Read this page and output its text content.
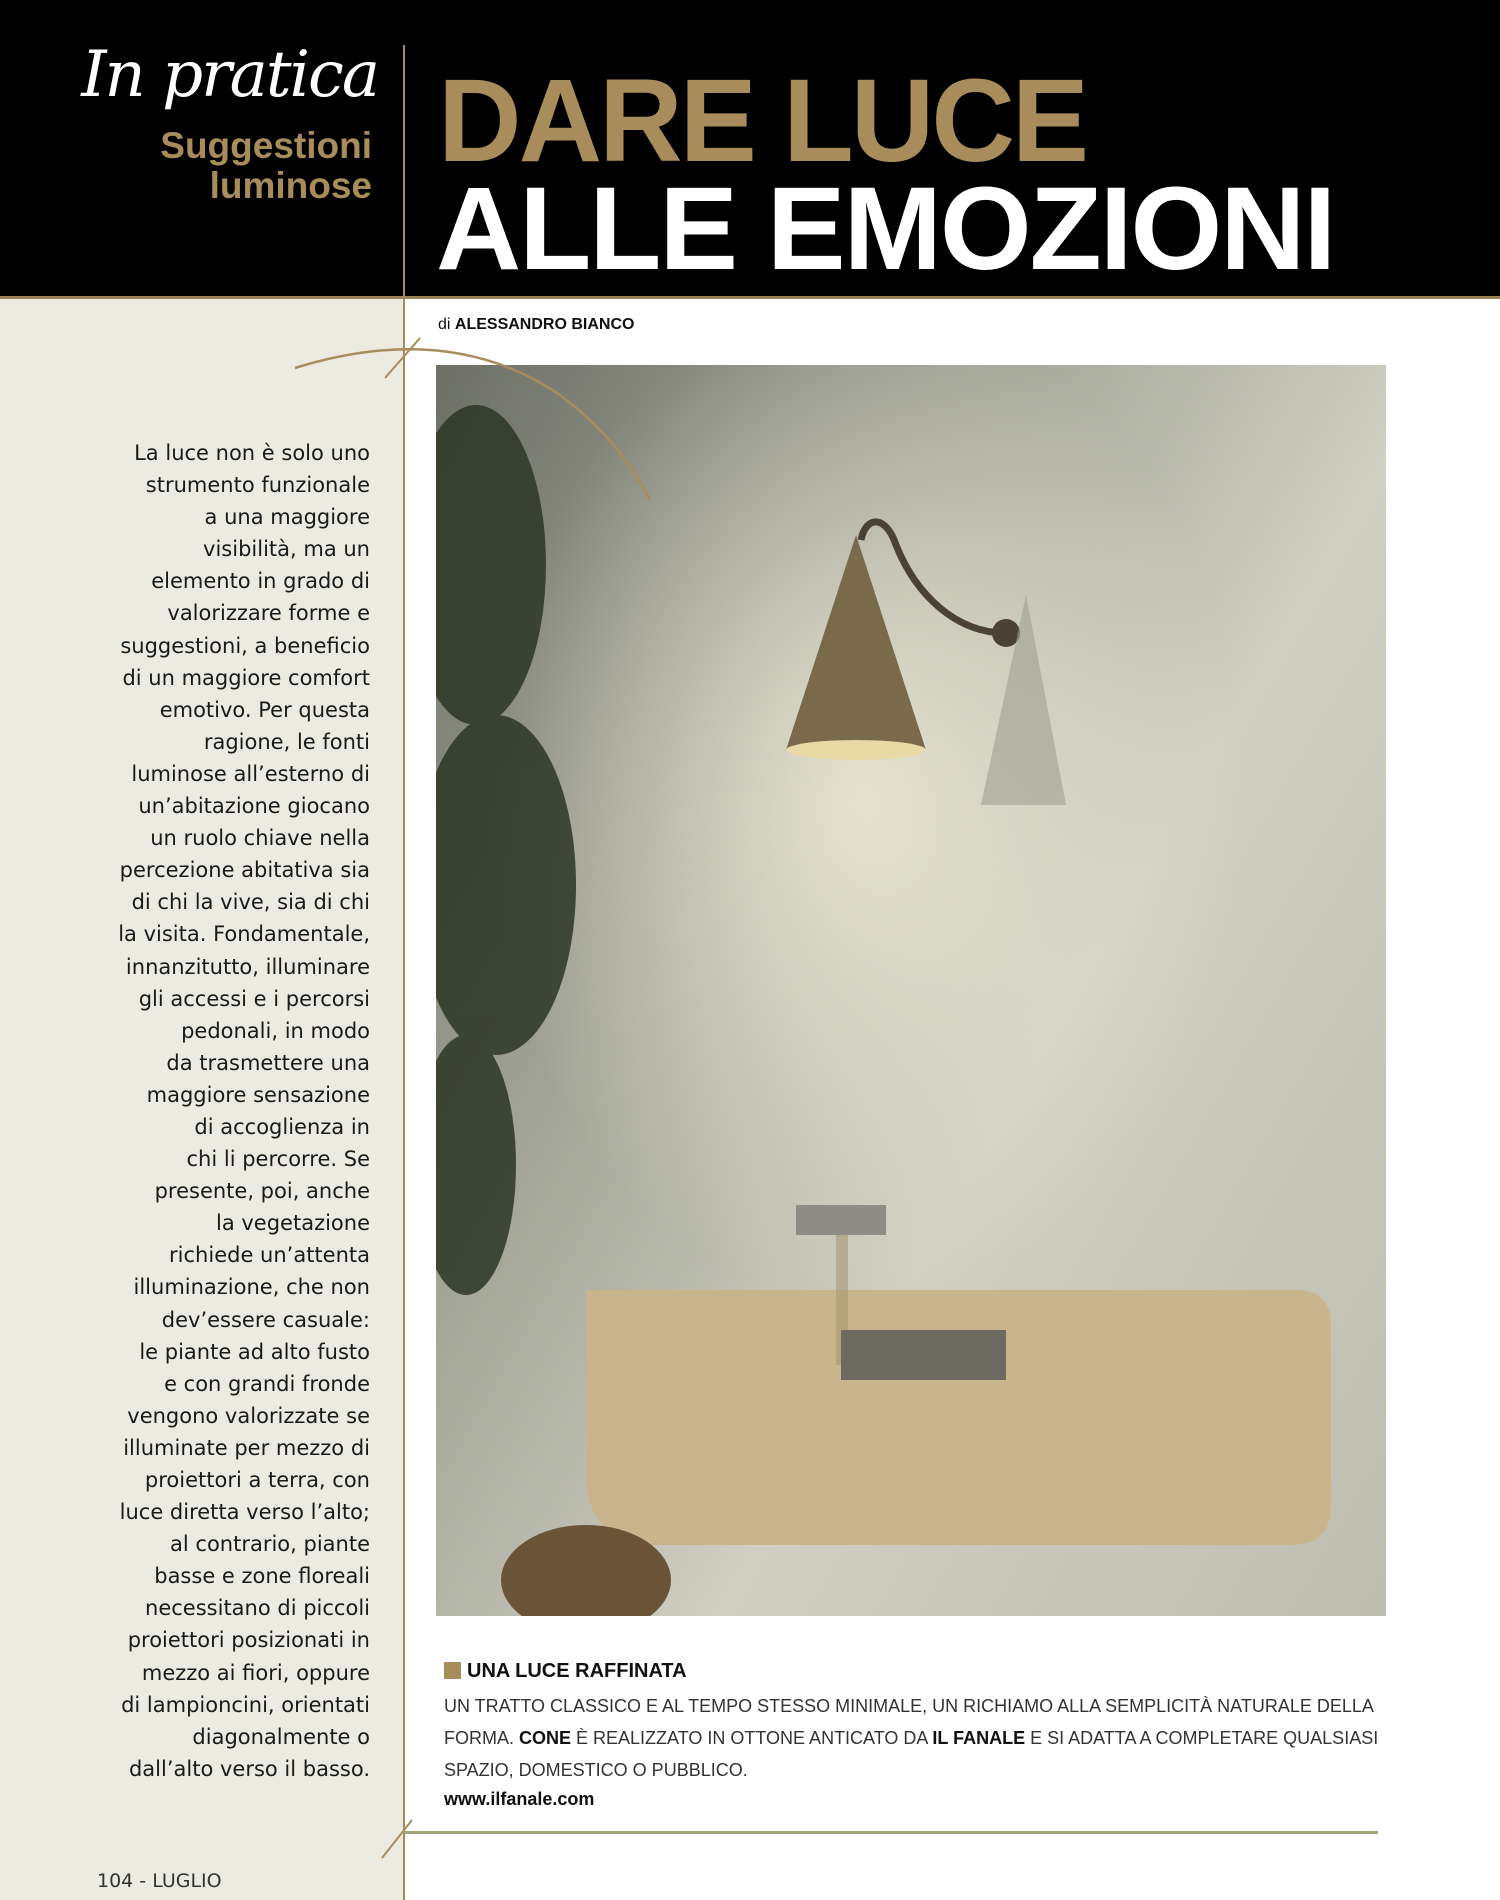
In pratica
Suggestioni
luminose DARE LUCE
ALLE EMOZIONI
di ALESSANDRO BIANCO
La luce non è solo uno
strumento funzionale
a una maggiore
visibilità, ma un
elemento in grado di
valorizzare forme e
suggestioni, a beneficio
di un maggiore comfort
emotivo. Per questa
ragione, le fonti
luminose all’esterno di
un’abitazione giocano
un ruolo chiave nella
percezione abitativa sia
di chi la vive, sia di chi
la visita. Fondamentale,
innanzitutto, illuminare
gli accessi e i percorsi
pedonali, in modo
da trasmettere una
maggiore sensazione
di accoglienza in
chi li percorre. Se
presente, poi, anche
la vegetazione
richiede un’attenta
illuminazione, che non
dev’essere casuale:
le piante ad alto fusto
e con grandi fronde
vengono valorizzate se
illuminate per mezzo di
proiettori a terra, con
luce diretta verso l’alto;
al contrario, piante
basse e zone floreali
necessitano di piccoli
proiettori posizionati in
mezzo ai fiori, oppure
di lampioncini, orientati
diagonalmente o
dall’alto verso il basso.
UNA LUCE RAFFINATA
UN TRATTO CLASSICO E AL TEMPO STESSO MINIMALE, UN RICHIAMO ALLA SEMPLICITÀ NATURALE DELLA FORMA. CONE È REALIZZATO IN OTTONE ANTICATO DA IL FANALE E SI ADATTA A COMPLETARE QUALSIASI SPAZIO, DOMESTICO O PUBBLICO.
www.ilfanale.com
104 - LUGLIO
